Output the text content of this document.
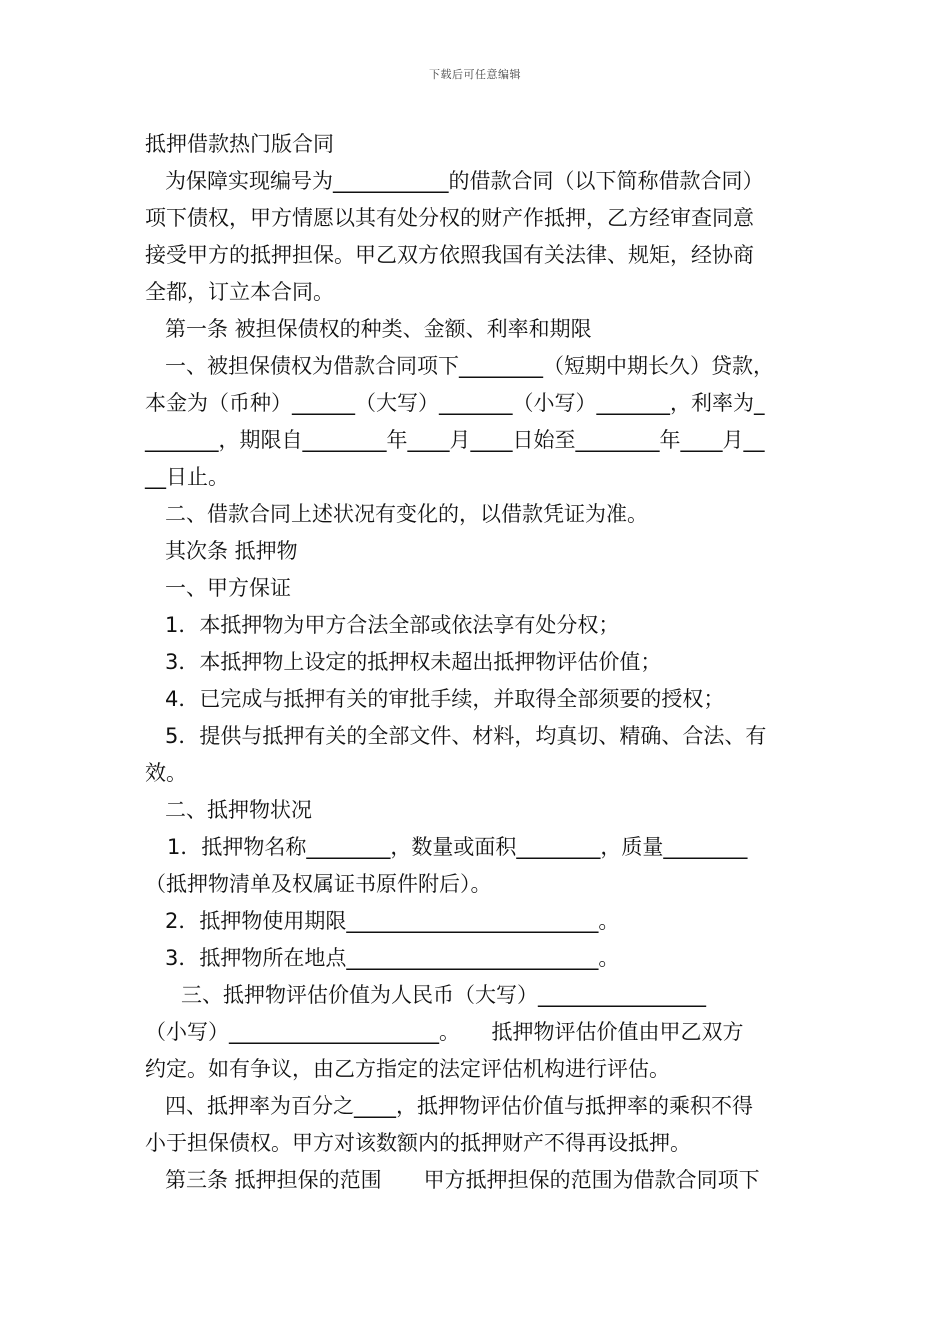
下载后可任意编辑
抵押借款热门版合同
为保障实现编号为___________的借款合同（以下简称借款合同）
项下债权，甲方情愿以其有处分权的财产作抵押，乙方经审查同意
接受甲方的抵押担保。甲乙双方依照我国有关法律、规矩，经协商
全都，订立本合同。
第一条 被担保债权的种类、金额、利率和期限
一、被担保债权为借款合同项下________（短期中期长久）贷款，
本金为（币种）______（大写）_______（小写）_______，利率为_
_______，期限自________年____月____日始至________年____月__
__日止。
二、借款合同上述状况有变化的，以借款凭证为准。
其次条 抵押物
一、甲方保证
1．本抵押物为甲方合法全部或依法享有处分权；
3．本抵押物上设定的抵押权未超出抵押物评估价值；
4．已完成与抵押有关的审批手续，并取得全部须要的授权；
5．提供与抵押有关的全部文件、材料，均真切、精确、合法、有
效。
二、抵押物状况
1．抵押物名称________，数量或面积________，质量________
（抵押物清单及权属证书原件附后）。
2．抵押物使用期限________________________。
3．抵押物所在地点________________________。
三、抵押物评估价值为人民币（大写）________________
（小写）____________________。　　抵押物评估价值由甲乙双方
约定。如有争议，由乙方指定的法定评估机构进行评估。
四、抵押率为百分之____，抵押物评估价值与抵押率的乘积不得
小于担保债权。甲方对该数额内的抵押财产不得再设抵押。
第三条 抵押担保的范围　　甲方抵押担保的范围为借款合同项下
